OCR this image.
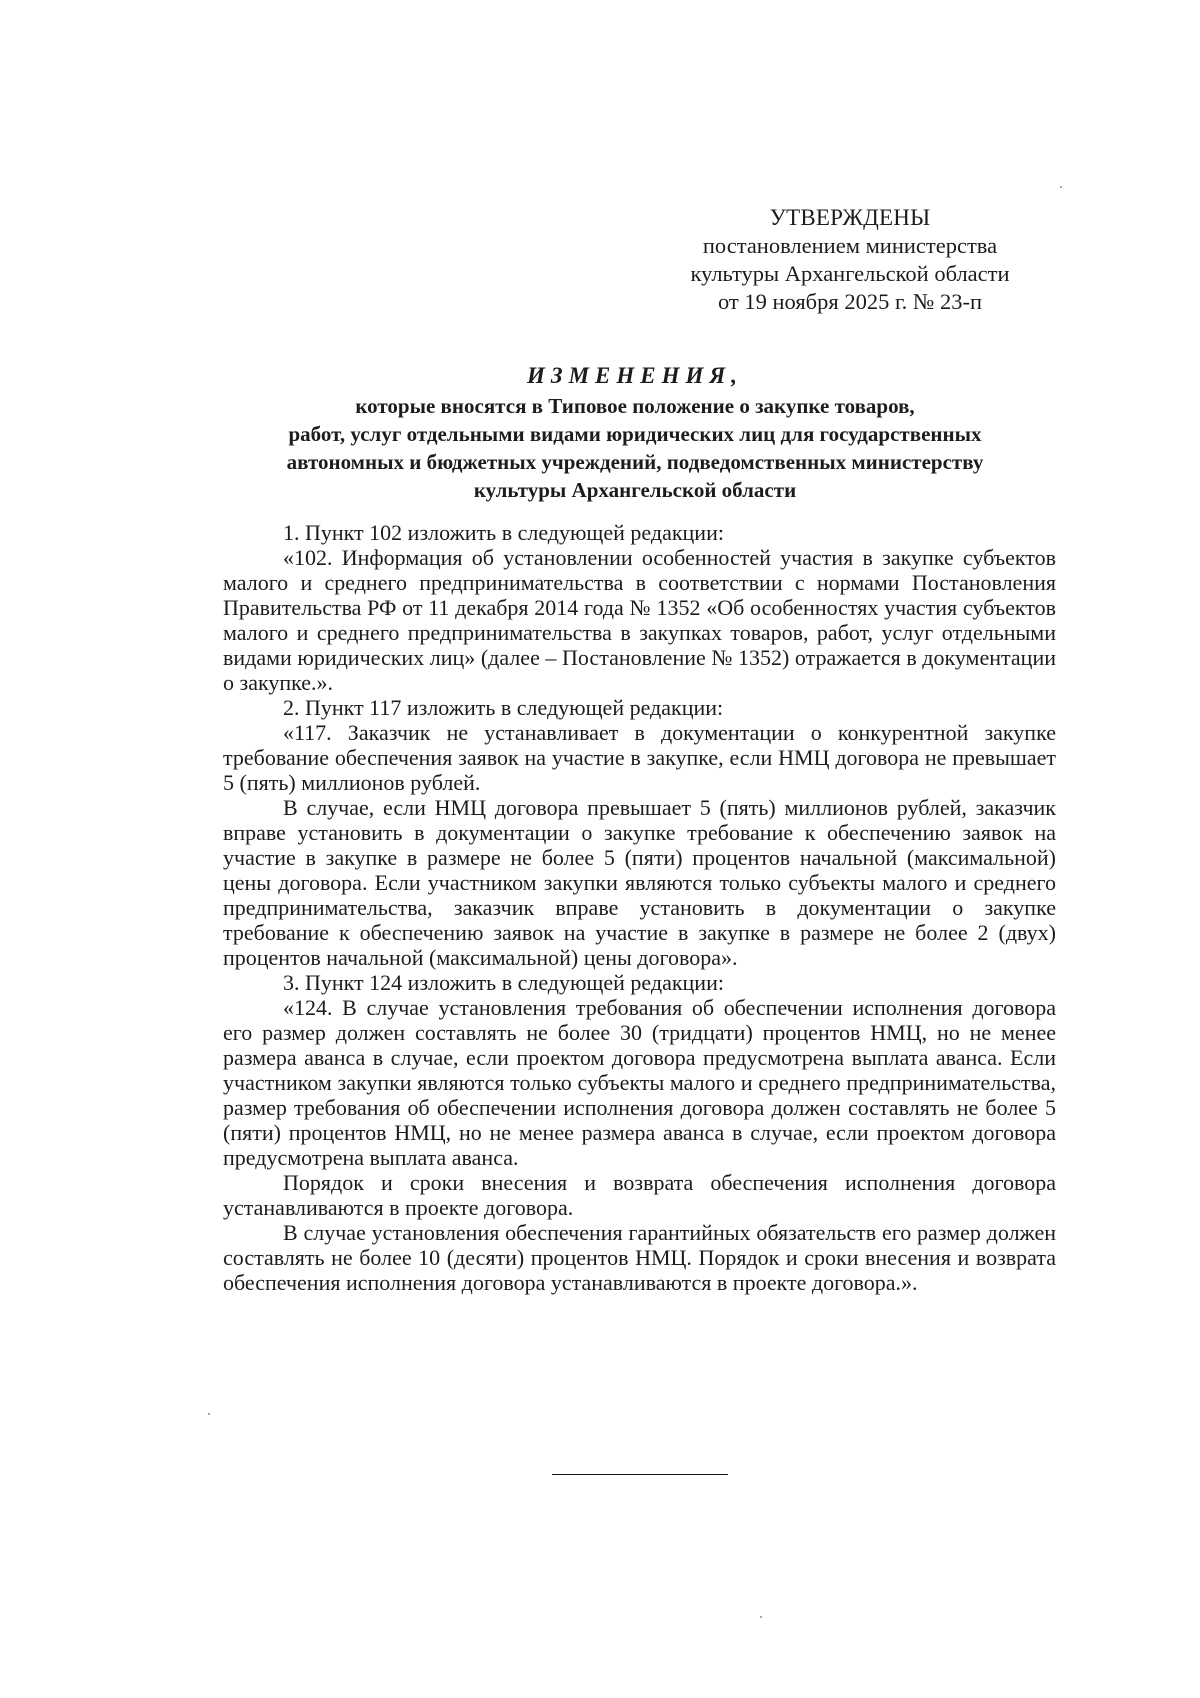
УТВЕРЖДЕНЫ
постановлением министерства
культуры Архангельской области
от 19 ноября 2025 г. № 23-п
ИЗМЕНЕНИЯ,
которые вносятся в Типовое положение о закупке товаров,
работ, услуг отдельными видами юридических лиц для государственных
автономных и бюджетных учреждений, подведомственных министерству
культуры Архангельской области

1. Пункт 102 изложить в следующей редакции:

«102. Информация об установлении особенностей участия в закупке субъектов малого и среднего предпринимательства в соответствии с нормами Постановления Правительства РФ от 11 декабря 2014 года № 1352 «Об особенностях участия субъектов малого и среднего предпринимательства в закупках товаров, работ, услуг отдельными видами юридических лиц» (далее – Постановление № 1352) отражается в документации о закупке.».

2. Пункт 117 изложить в следующей редакции:

«117. Заказчик не устанавливает в документации о конкурентной закупке требование обеспечения заявок на участие в закупке, если НМЦ договора не превышает 5 (пять) миллионов рублей.

В случае, если НМЦ договора превышает 5 (пять) миллионов рублей, заказчик вправе установить в документации о закупке требование к обеспечению заявок на участие в закупке в размере не более 5 (пяти) процентов начальной (максимальной) цены договора. Если участником закупки являются только субъекты малого и среднего предпринимательства, заказчик вправе установить в документации о закупке требование к обеспечению заявок на участие в закупке в размере не более 2 (двух) процентов начальной (максимальной) цены договора».

3. Пункт 124 изложить в следующей редакции:

«124. В случае установления требования об обеспечении исполнения договора его размер должен составлять не более 30 (тридцати) процентов НМЦ, но не менее размера аванса в случае, если проектом договора предусмотрена выплата аванса. Если участником закупки являются только субъекты малого и среднего предпринимательства, размер требования об обеспечении исполнения договора должен составлять не более 5 (пяти) процентов НМЦ, но не менее размера аванса в случае, если проектом договора предусмотрена выплата аванса.

Порядок и сроки внесения и возврата обеспечения исполнения договора устанавливаются в проекте договора.

В случае установления обеспечения гарантийных обязательств его размер должен составлять не более 10 (десяти) процентов НМЦ. Порядок и сроки внесения и возврата обеспечения исполнения договора устанавливаются в проекте договора.».
